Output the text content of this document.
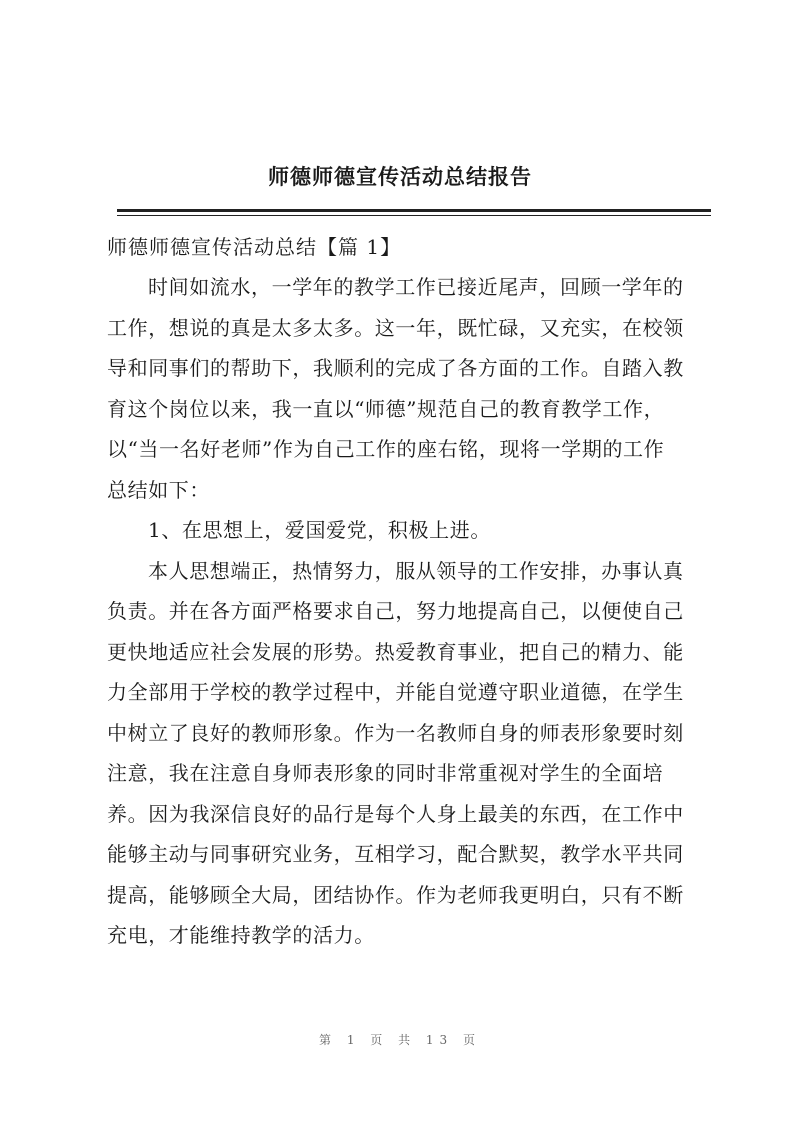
师德师德宣传活动总结报告
师德师德宣传活动总结【篇 1】
时间如流水，一学年的教学工作已接近尾声，回顾一学年的
工作，想说的真是太多太多。这一年，既忙碌，又充实，在校领
导和同事们的帮助下，我顺利的完成了各方面的工作。自踏入教
育这个岗位以来，我一直以“师德”规范自己的教育教学工作，
以“当一名好老师”作为自己工作的座右铭，现将一学期的工作
总结如下：
1、在思想上，爱国爱党，积极上进。
本人思想端正，热情努力，服从领导的工作安排，办事认真
负责。并在各方面严格要求自己，努力地提高自己，以便使自己
更快地适应社会发展的形势。热爱教育事业，把自己的精力、能
力全部用于学校的教学过程中，并能自觉遵守职业道德，在学生
中树立了良好的教师形象。作为一名教师自身的师表形象要时刻
注意，我在注意自身师表形象的同时非常重视对学生的全面培
养。因为我深信良好的品行是每个人身上最美的东西，在工作中
能够主动与同事研究业务，互相学习，配合默契，教学水平共同
提高，能够顾全大局，团结协作。作为老师我更明白，只有不断
充电，才能维持教学的活力。
第 1 页 共 13 页
